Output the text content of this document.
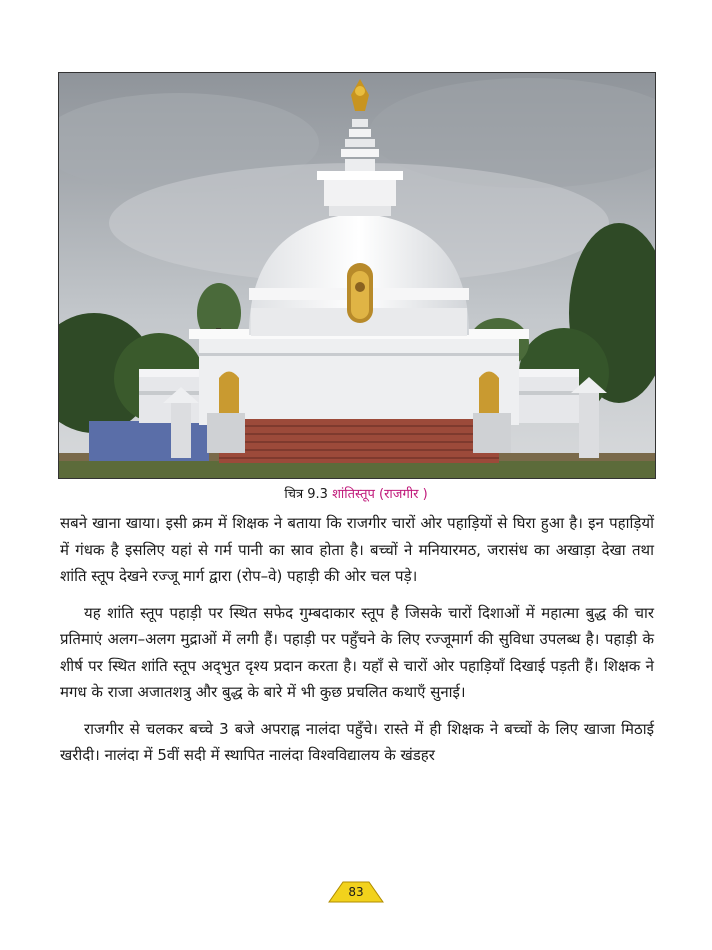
चित्र 9.3 शांतिस्तूप (राजगीर )

सबने खाना खाया। इसी क्रम में शिक्षक ने बताया कि राजगीर चारों ओर पहाड़ियों से घिरा हुआ है। इन पहाड़ियों में गंधक है इसलिए यहां से गर्म पानी का स्राव होता है। बच्चों ने मनियारमठ, जरासंध का अखाड़ा देखा तथा शांति स्तूप देखने रज्जू मार्ग द्वारा (रोप–वे) पहाड़ी की ओर चल पड़े।

यह शांति स्तूप पहाड़ी पर स्थित सफेद गुम्बदाकार स्तूप है जिसके चारों दिशाओं में महात्मा बुद्ध की चार प्रतिमाएं अलग–अलग मुद्राओं में लगी हैं। पहाड़ी पर पहुँचने के लिए रज्जूमार्ग की सुविधा उपलब्ध है। पहाड़ी के शीर्ष पर स्थित शांति स्तूप अद्‌भुत दृश्य प्रदान करता है। यहाँ से चारों ओर पहाड़ियाँ दिखाई पड़ती हैं। शिक्षक ने मगध के राजा अजातशत्रु और बुद्ध के बारे में भी कुछ प्रचलित कथाएँ सुनाई।

राजगीर से चलकर बच्चे 3 बजे अपराह्न नालंदा पहुँचे। रास्ते में ही शिक्षक ने बच्चों के लिए खाजा मिठाई खरीदी। नालंदा में 5वीं सदी में स्थापित नालंदा विश्वविद्यालय के खंडहर

83
